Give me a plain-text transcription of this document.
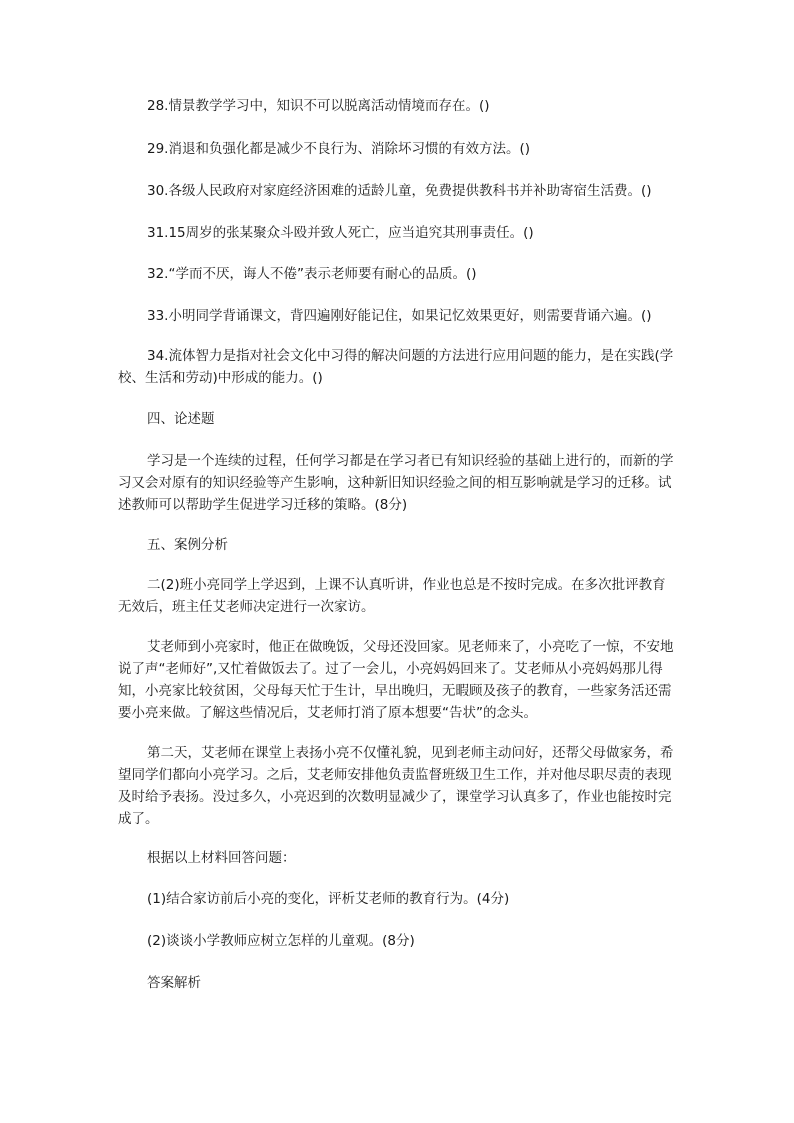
28.情景教学学习中，知识不可以脱离活动情境而存在。()

29.消退和负强化都是减少不良行为、消除坏习惯的有效方法。()

30.各级人民政府对家庭经济困难的适龄儿童，免费提供教科书并补助寄宿生活费。()

31.15周岁的张某聚众斗殴并致人死亡，应当追究其刑事责任。()

32.“学而不厌，诲人不倦”表示老师要有耐心的品质。()

33.小明同学背诵课文，背四遍刚好能记住，如果记忆效果更好，则需要背诵六遍。()

34.流体智力是指对社会文化中习得的解决问题的方法进行应用问题的能力，是在实践(学校、生活和劳动)中形成的能力。()

四、论述题

学习是一个连续的过程，任何学习都是在学习者已有知识经验的基础上进行的，而新的学习又会对原有的知识经验等产生影响，这种新旧知识经验之间的相互影响就是学习的迁移。试述教师可以帮助学生促进学习迁移的策略。(8分)

五、案例分析

二(2)班小亮同学上学迟到，上课不认真听讲，作业也总是不按时完成。在多次批评教育无效后，班主任艾老师决定进行一次家访。

艾老师到小亮家时，他正在做晚饭，父母还没回家。见老师来了，小亮吃了一惊，不安地说了声“老师好”,又忙着做饭去了。过了一会儿，小亮妈妈回来了。艾老师从小亮妈妈那儿得知，小亮家比较贫困，父母每天忙于生计，早出晚归，无暇顾及孩子的教育，一些家务活还需要小亮来做。了解这些情况后，艾老师打消了原本想要“告状”的念头。

第二天，艾老师在课堂上表扬小亮不仅懂礼貌，见到老师主动问好，还帮父母做家务，希望同学们都向小亮学习。之后，艾老师安排他负责监督班级卫生工作，并对他尽职尽责的表现及时给予表扬。没过多久，小亮迟到的次数明显减少了，课堂学习认真多了，作业也能按时完成了。

根据以上材料回答问题：

(1)结合家访前后小亮的变化，评析艾老师的教育行为。(4分)

(2)谈谈小学教师应树立怎样的儿童观。(8分)

答案解析
